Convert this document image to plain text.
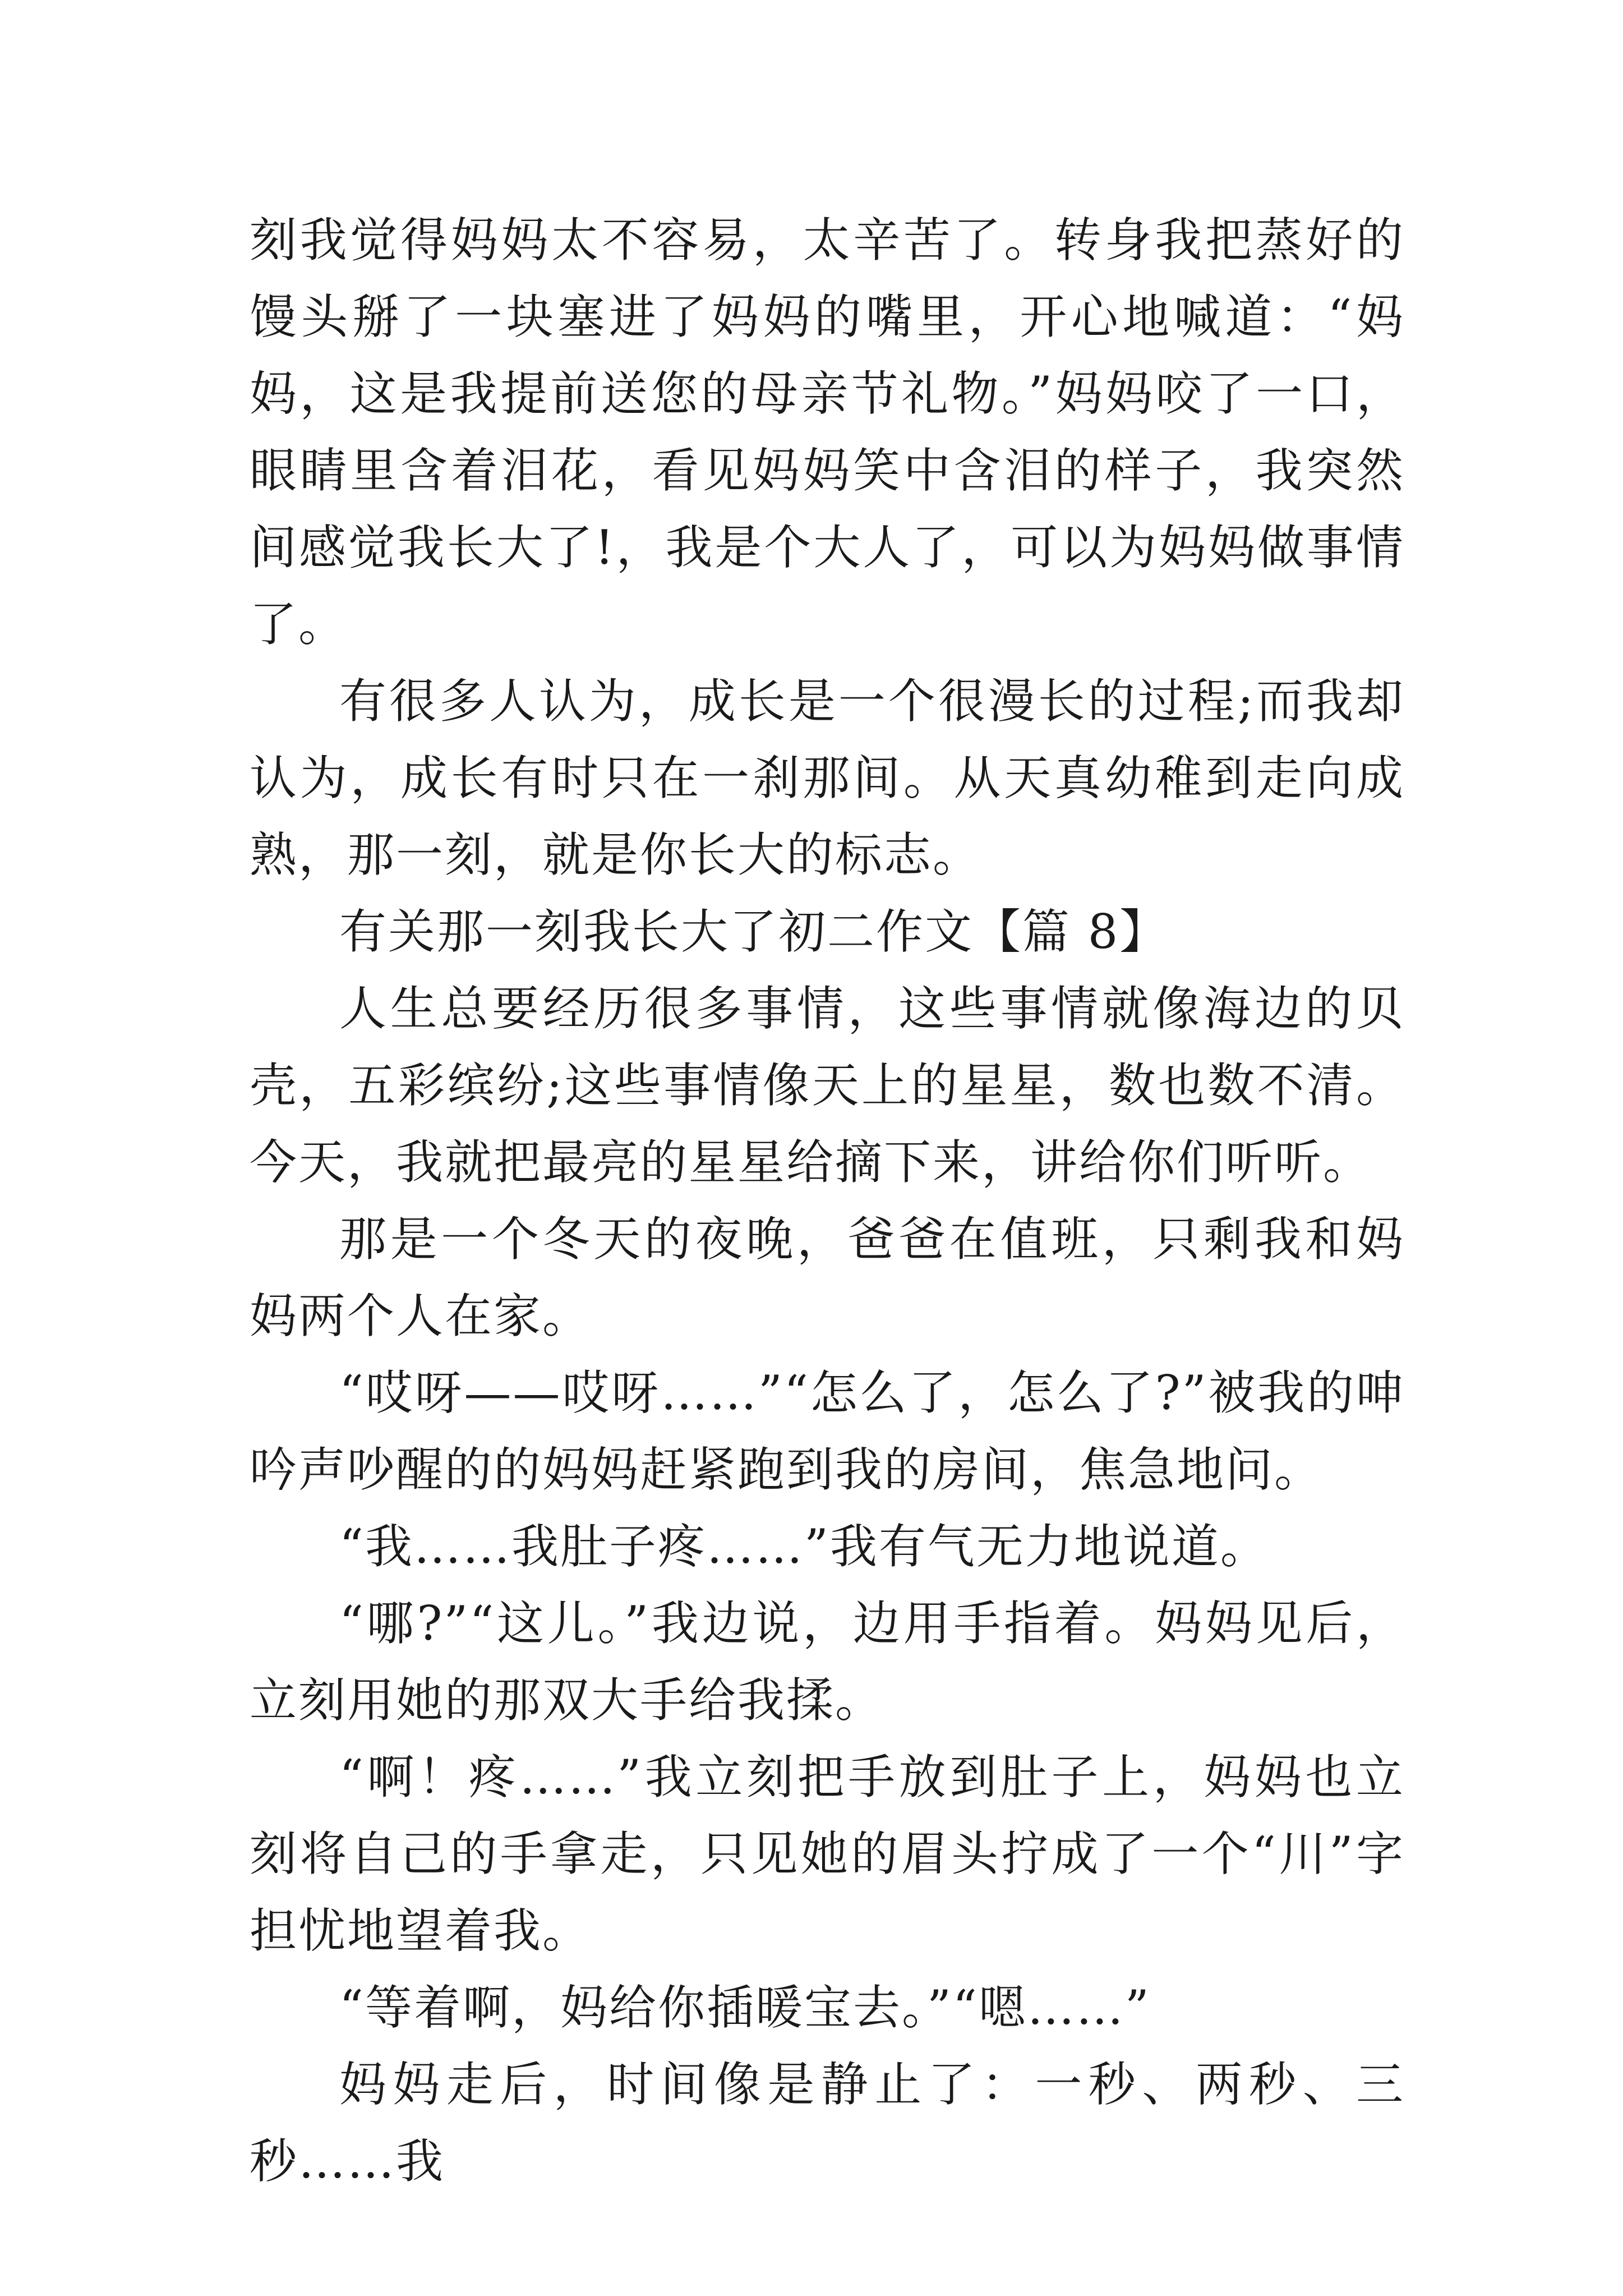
刻我觉得妈妈太不容易，太辛苦了。转身我把蒸好的馒头掰了一块塞进了妈妈的嘴里，开心地喊道：“妈妈，这是我提前送您的母亲节礼物。”妈妈咬了一口，眼睛里含着泪花，看见妈妈笑中含泪的样子，我突然间感觉我长大了!，我是个大人了，可以为妈妈做事情了。

有很多人认为，成长是一个很漫长的过程;而我却认为，成长有时只在一刹那间。从天真幼稚到走向成熟，那一刻，就是你长大的标志。

有关那一刻我长大了初二作文【篇 8】

人生总要经历很多事情，这些事情就像海边的贝壳，五彩缤纷;这些事情像天上的星星，数也数不清。今天，我就把最亮的星星给摘下来，讲给你们听听。

那是一个冬天的夜晚，爸爸在值班，只剩我和妈妈两个人在家。

“哎呀——哎呀……”“怎么了，怎么了?”被我的呻吟声吵醒的的妈妈赶紧跑到我的房间，焦急地问。

“我……我肚子疼……”我有气无力地说道。

“哪?”“这儿。”我边说，边用手指着。妈妈见后，立刻用她的那双大手给我揉。

“啊！疼……”我立刻把手放到肚子上，妈妈也立刻将自己的手拿走，只见她的眉头拧成了一个“川”字担忧地望着我。

“等着啊，妈给你插暖宝去。”“嗯……”

妈妈走后，时间像是静止了：一秒、两秒、三秒……我
